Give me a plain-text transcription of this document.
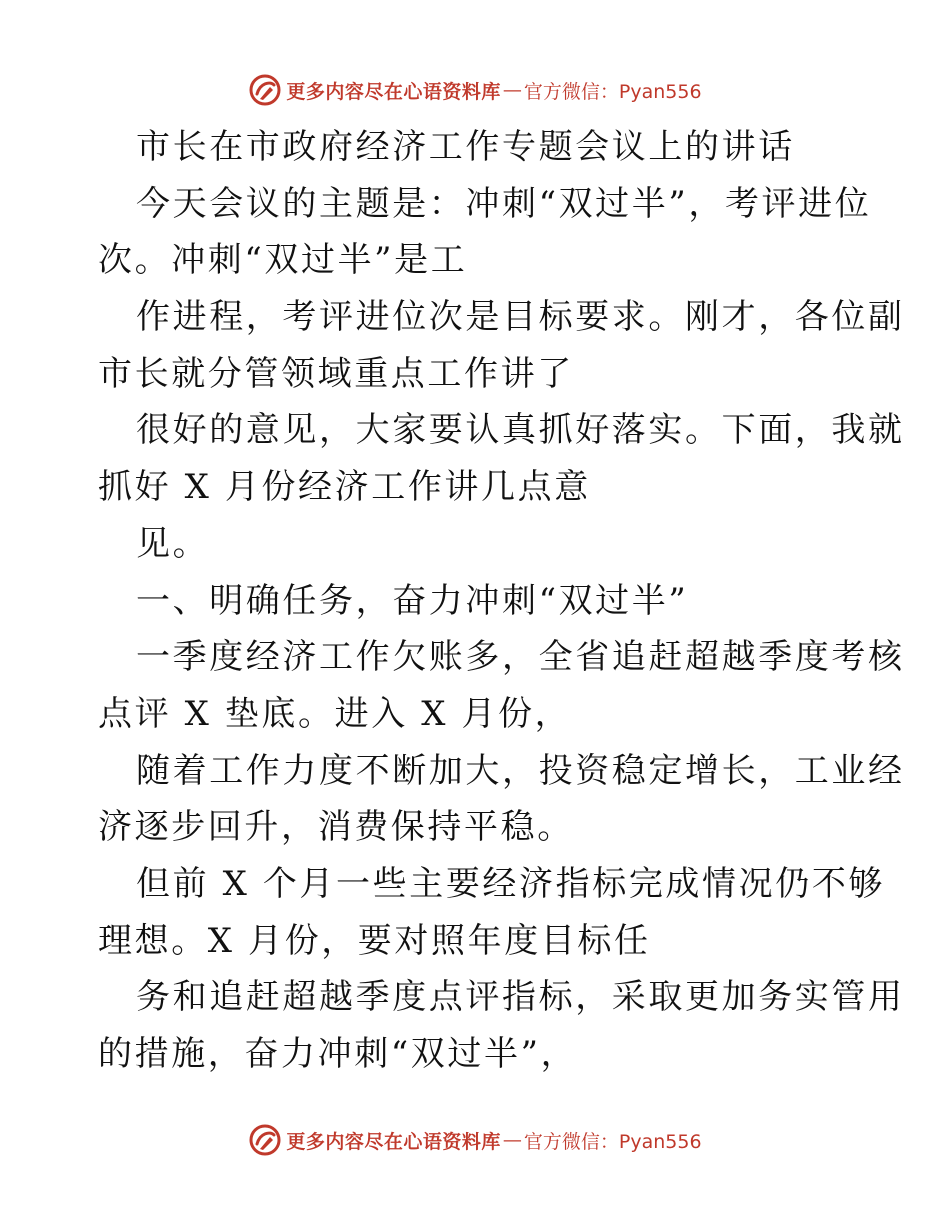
更多内容尽在心语资料库 — 官方微信：Pyan556
市长在市政府经济工作专题会议上的讲话
今天会议的主题是：冲刺“双过半”，考评进位
次。冲刺“双过半”是工
作进程，考评进位次是目标要求。刚才，各位副
市长就分管领域重点工作讲了
很好的意见，大家要认真抓好落实。下面，我就
抓好 X 月份经济工作讲几点意
见。
一、明确任务，奋力冲刺“双过半”
一季度经济工作欠账多，全省追赶超越季度考核
点评 X 垫底。进入 X 月份，
随着工作力度不断加大，投资稳定增长，工业经
济逐步回升，消费保持平稳。
但前 X 个月一些主要经济指标完成情况仍不够
理想。X 月份，要对照年度目标任
务和追赶超越季度点评指标，采取更加务实管用
的措施，奋力冲刺“双过半”，
更多内容尽在心语资料库 — 官方微信：Pyan556
